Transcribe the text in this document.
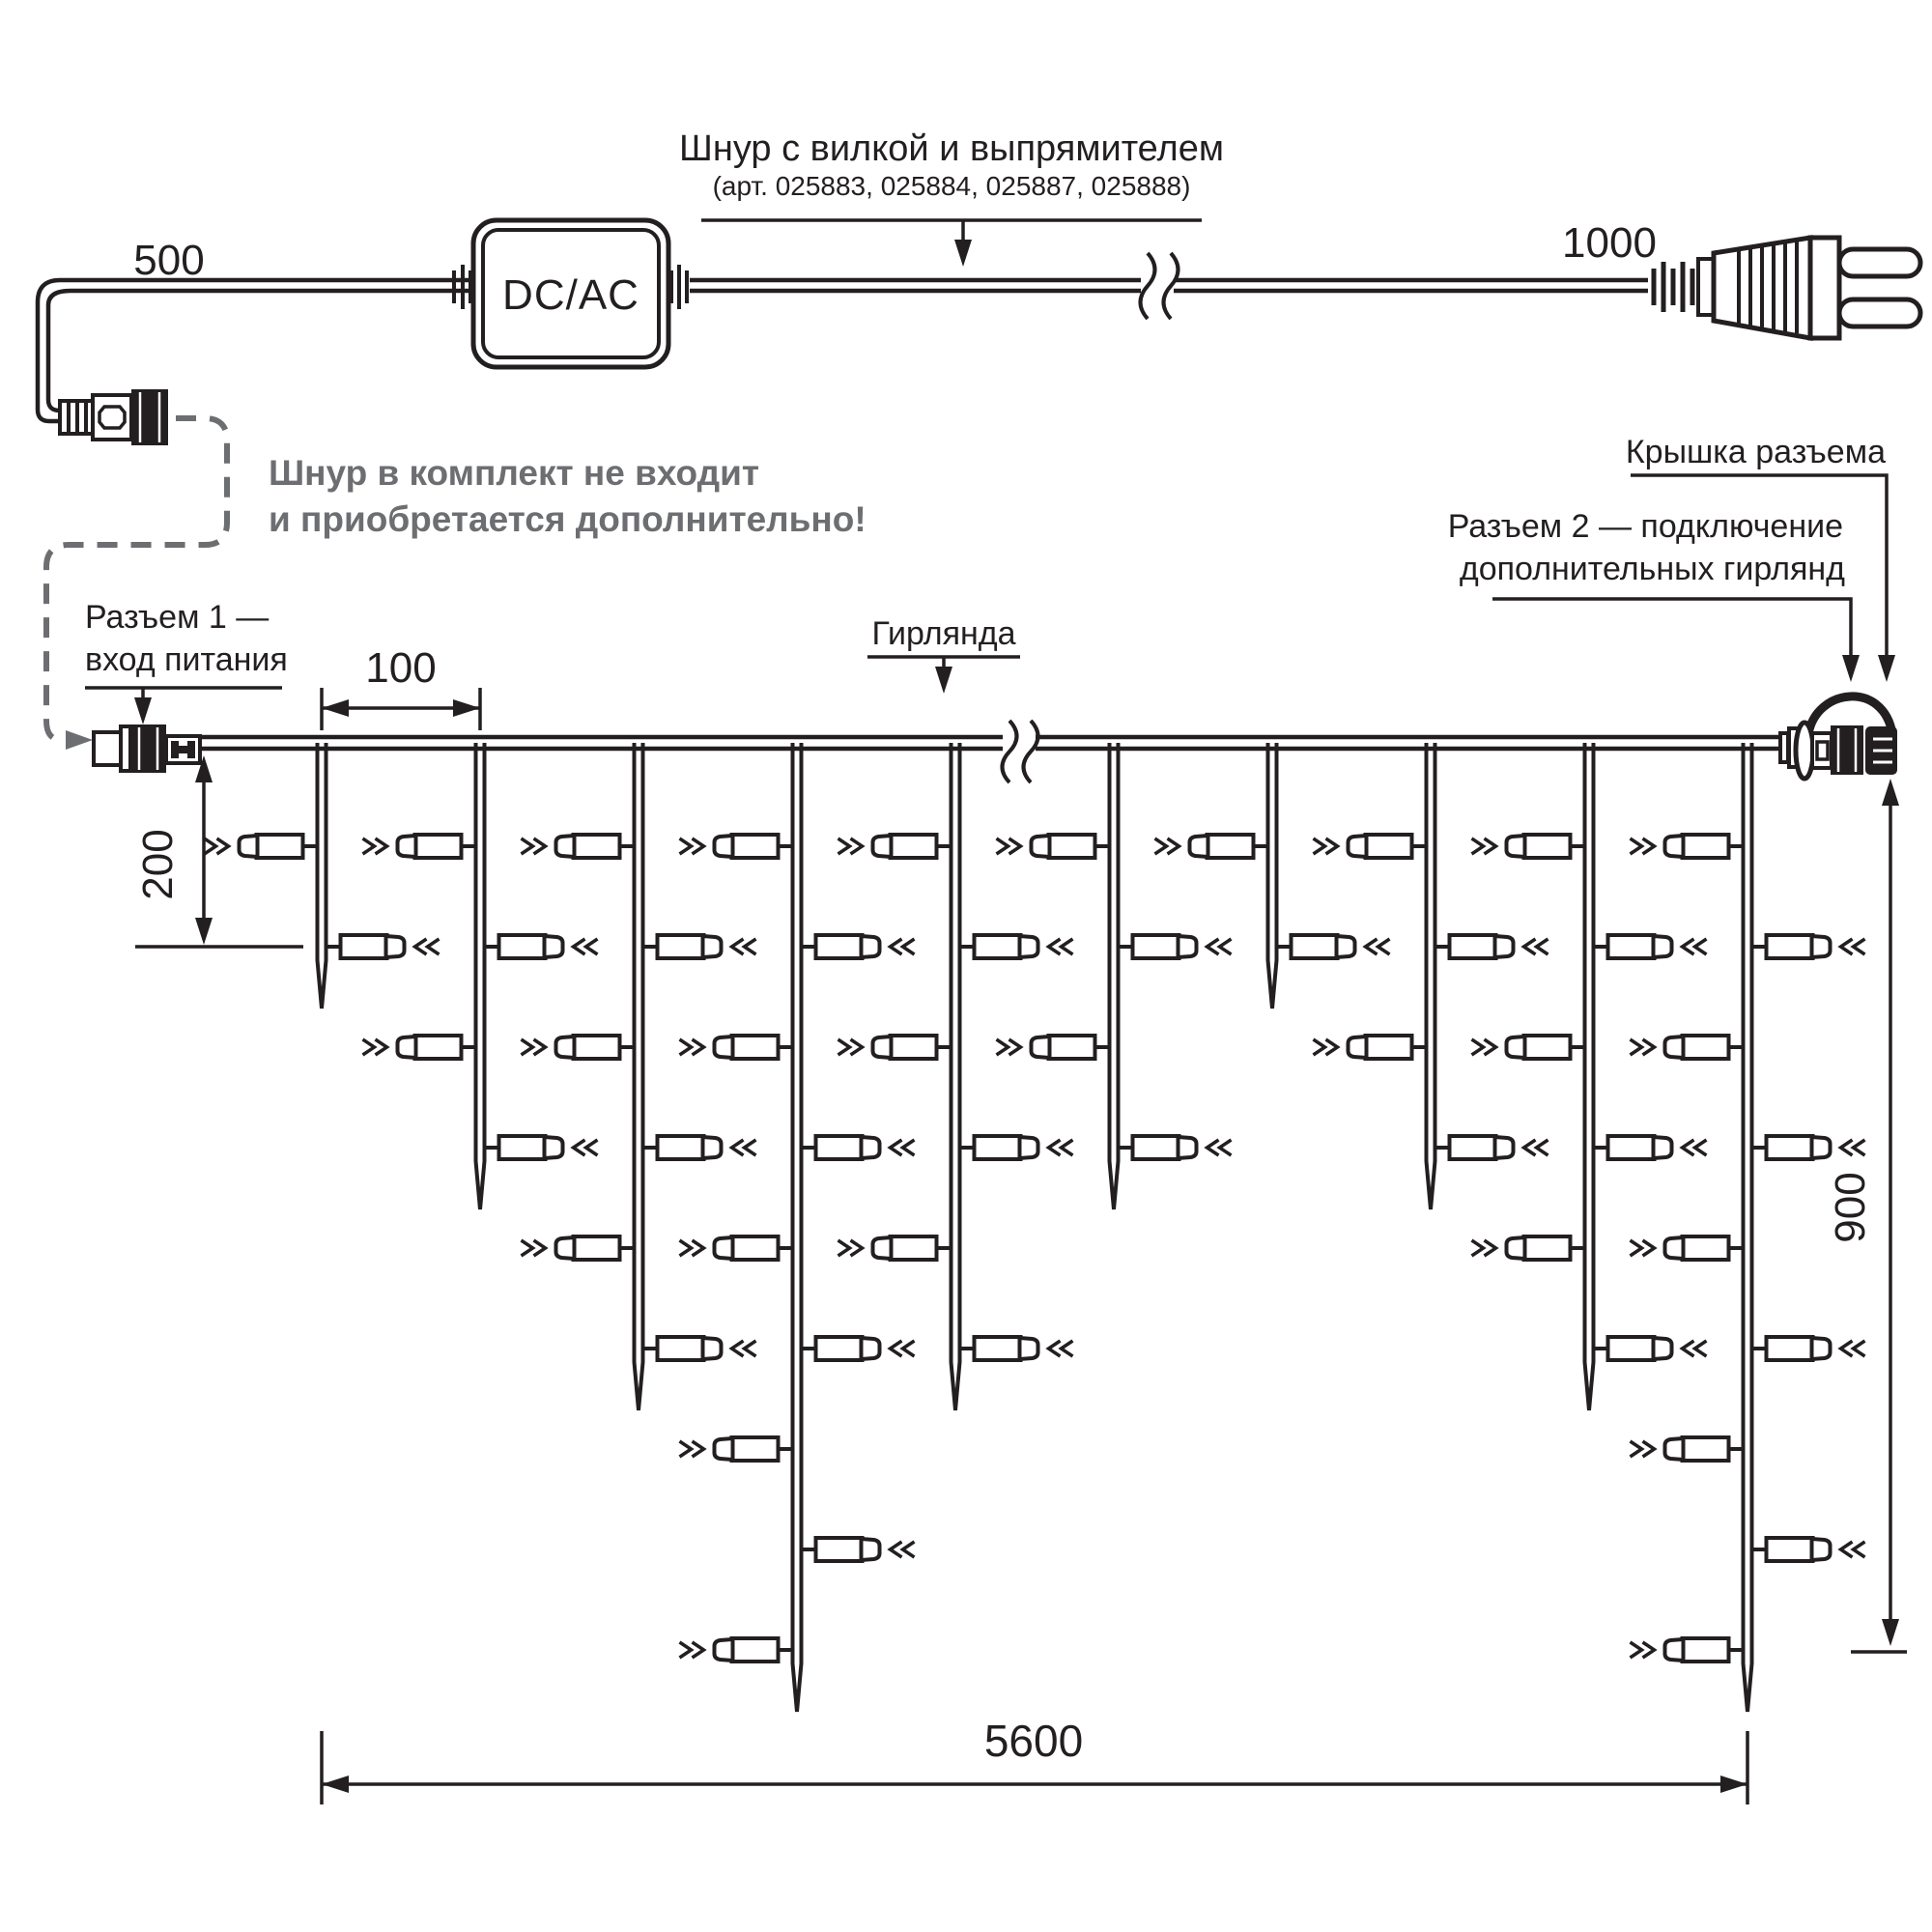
Шнур с вилкой и выпрямителем
(арт. 025883, 025884, 025887, 025888)
500
DC/AC
1000
Шнур в комплект не входит
и приобретается дополнительно!
Разъем 1 —
вход питания
Гирлянда
100
200
Крышка разъема
Разъем 2 — подключение
дополнительных гирлянд
900
5600
